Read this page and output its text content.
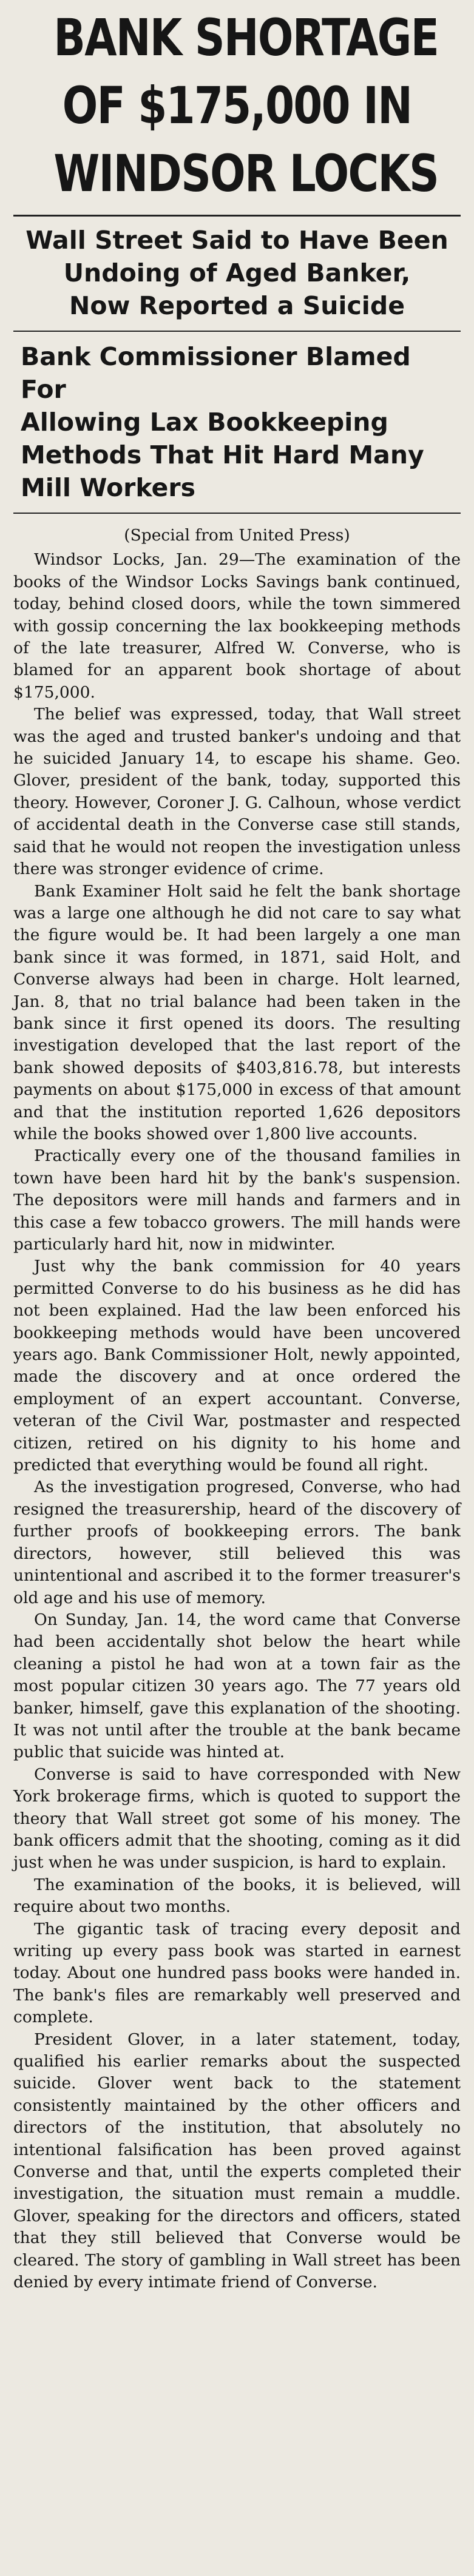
BANK SHORTAGE
OF $175,000 IN
WINDSOR LOCKS
Wall Street Said to Have Been
Undoing of Aged Banker,
Now Reported a Suicide
Bank Commissioner Blamed For
Allowing Lax Bookkeeping
Methods That Hit Hard Many
Mill Workers
(Special from United Press)

Windsor Locks, Jan. 29—The examination of the books of the Windsor Locks Savings bank continued, today, behind closed doors, while the town simmered with gossip concerning the lax bookkeeping methods of the late treasurer, Alfred W. Converse, who is blamed for an apparent book shortage of about $175,000.

The belief was expressed, today, that Wall street was the aged and trusted banker's undoing and that he suicided January 14, to escape his shame. Geo. Glover, president of the bank, today, supported this theory. However, Coroner J. G. Calhoun, whose verdict of accidental death in the Converse case still stands, said that he would not reopen the investigation unless there was stronger evidence of crime.

Bank Examiner Holt said he felt the bank shortage was a large one although he did not care to say what the figure would be. It had been largely a one man bank since it was formed, in 1871, said Holt, and Converse always had been in charge. Holt learned, Jan. 8, that no trial balance had been taken in the bank since it first opened its doors. The resulting investigation developed that the last report of the bank showed deposits of $403,816.78, but interests payments on about $175,000 in excess of that amount and that the institution reported 1,626 depositors while the books showed over 1,800 live accounts.

Practically every one of the thousand families in town have been hard hit by the bank's suspension. The depositors were mill hands and farmers and in this case a few tobacco growers. The mill hands were particularly hard hit, now in midwinter.

Just why the bank commission for 40 years permitted Converse to do his business as he did has not been explained. Had the law been enforced his bookkeeping methods would have been uncovered years ago. Bank Commissioner Holt, newly appointed, made the discovery and at once ordered the employment of an expert accountant. Converse, veteran of the Civil War, postmaster and respected citizen, retired on his dignity to his home and predicted that everything would be found all right.

As the investigation progresed, Converse, who had resigned the treasurership, heard of the discovery of further proofs of bookkeeping errors. The bank directors, however, still believed this was unintentional and ascribed it to the former treasurer's old age and his use of memory.

On Sunday, Jan. 14, the word came that Converse had been accidentally shot below the heart while cleaning a pistol he had won at a town fair as the most popular citizen 30 years ago. The 77 years old banker, himself, gave this explanation of the shooting. It was not until after the trouble at the bank became public that suicide was hinted at.

Converse is said to have corresponded with New York brokerage firms, which is quoted to support the theory that Wall street got some of his money. The bank officers admit that the shooting, coming as it did just when he was under suspicion, is hard to explain.

The examination of the books, it is believed, will require about two months.

The gigantic task of tracing every deposit and writing up every pass book was started in earnest today. About one hundred pass books were handed in. The bank's files are remarkably well preserved and complete.

President Glover, in a later statement, today, qualified his earlier remarks about the suspected suicide. Glover went back to the statement consistently maintained by the other officers and directors of the institution, that absolutely no intentional falsification has been proved against Converse and that, until the experts completed their investigation, the situation must remain a muddle. Glover, speaking for the directors and officers, stated that they still believed that Converse would be cleared. The story of gambling in Wall street has been denied by every intimate friend of Converse.
